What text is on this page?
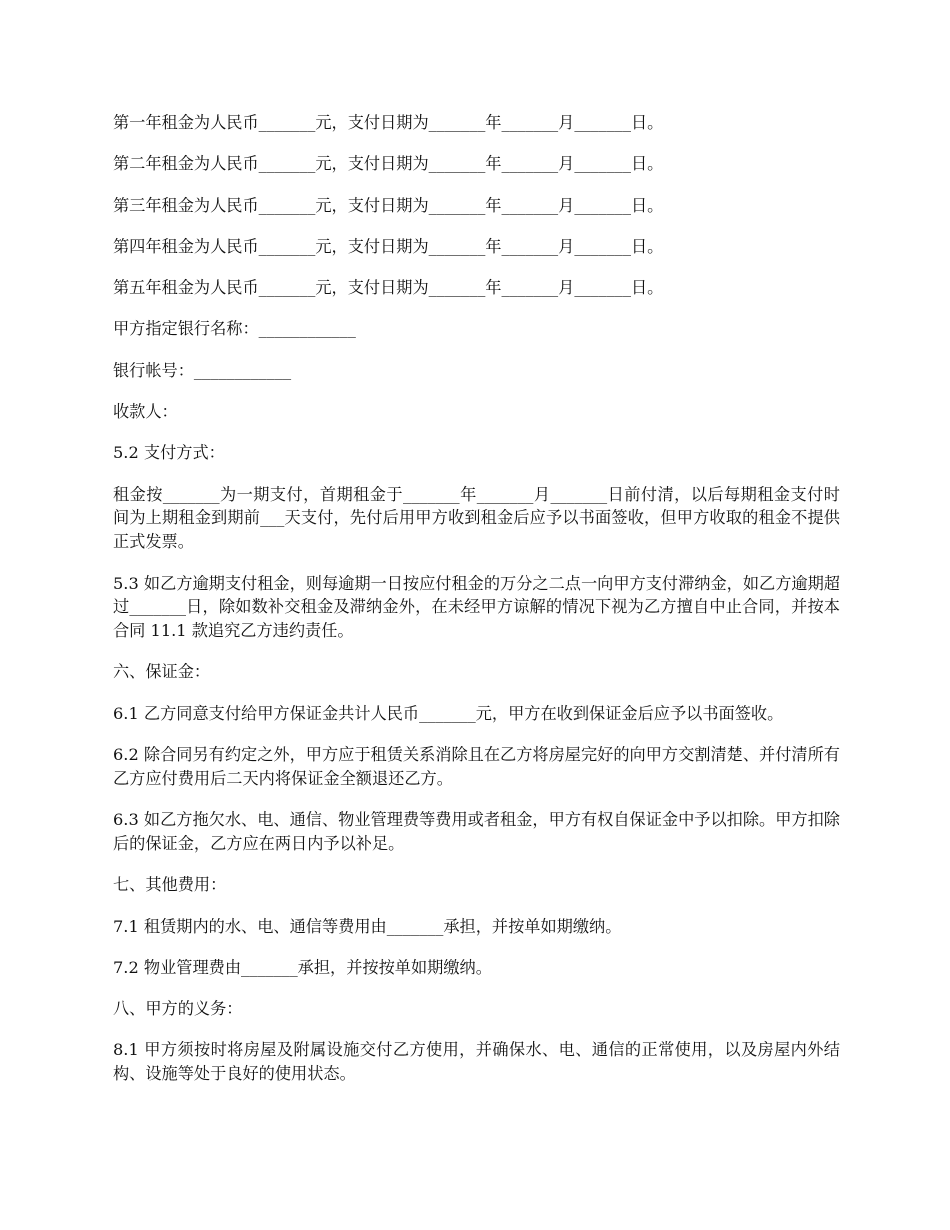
第一年租金为人民币_______元，支付日期为_______年_______月_______日。

第二年租金为人民币_______元，支付日期为_______年_______月_______日。

第三年租金为人民币_______元，支付日期为_______年_______月_______日。

第四年租金为人民币_______元，支付日期为_______年_______月_______日。

第五年租金为人民币_______元，支付日期为_______年_______月_______日。

甲方指定银行名称：____________

银行帐号：____________

收款人：

5.2 支付方式：

租金按_______为一期支付，首期租金于_______年_______月_______日前付清，以后每期租金支付时间为上期租金到期前___天支付，先付后用甲方收到租金后应予以书面签收，但甲方收取的租金不提供正式发票。

5.3 如乙方逾期支付租金，则每逾期一日按应付租金的万分之二点一向甲方支付滞纳金，如乙方逾期超过_______日，除如数补交租金及滞纳金外，在未经甲方谅解的情况下视为乙方擅自中止合同，并按本合同 11.1 款追究乙方违约责任。

六、保证金：

6.1 乙方同意支付给甲方保证金共计人民币_______元，甲方在收到保证金后应予以书面签收。

6.2 除合同另有约定之外，甲方应于租赁关系消除且在乙方将房屋完好的向甲方交割清楚、并付清所有乙方应付费用后二天内将保证金全额退还乙方。

6.3 如乙方拖欠水、电、通信、物业管理费等费用或者租金，甲方有权自保证金中予以扣除。甲方扣除后的保证金，乙方应在两日内予以补足。

七、其他费用：

7.1 租赁期内的水、电、通信等费用由_______承担，并按单如期缴纳。

7.2 物业管理费由_______承担，并按按单如期缴纳。

八、甲方的义务：

8.1 甲方须按时将房屋及附属设施交付乙方使用，并确保水、电、通信的正常使用，以及房屋内外结构、设施等处于良好的使用状态。
